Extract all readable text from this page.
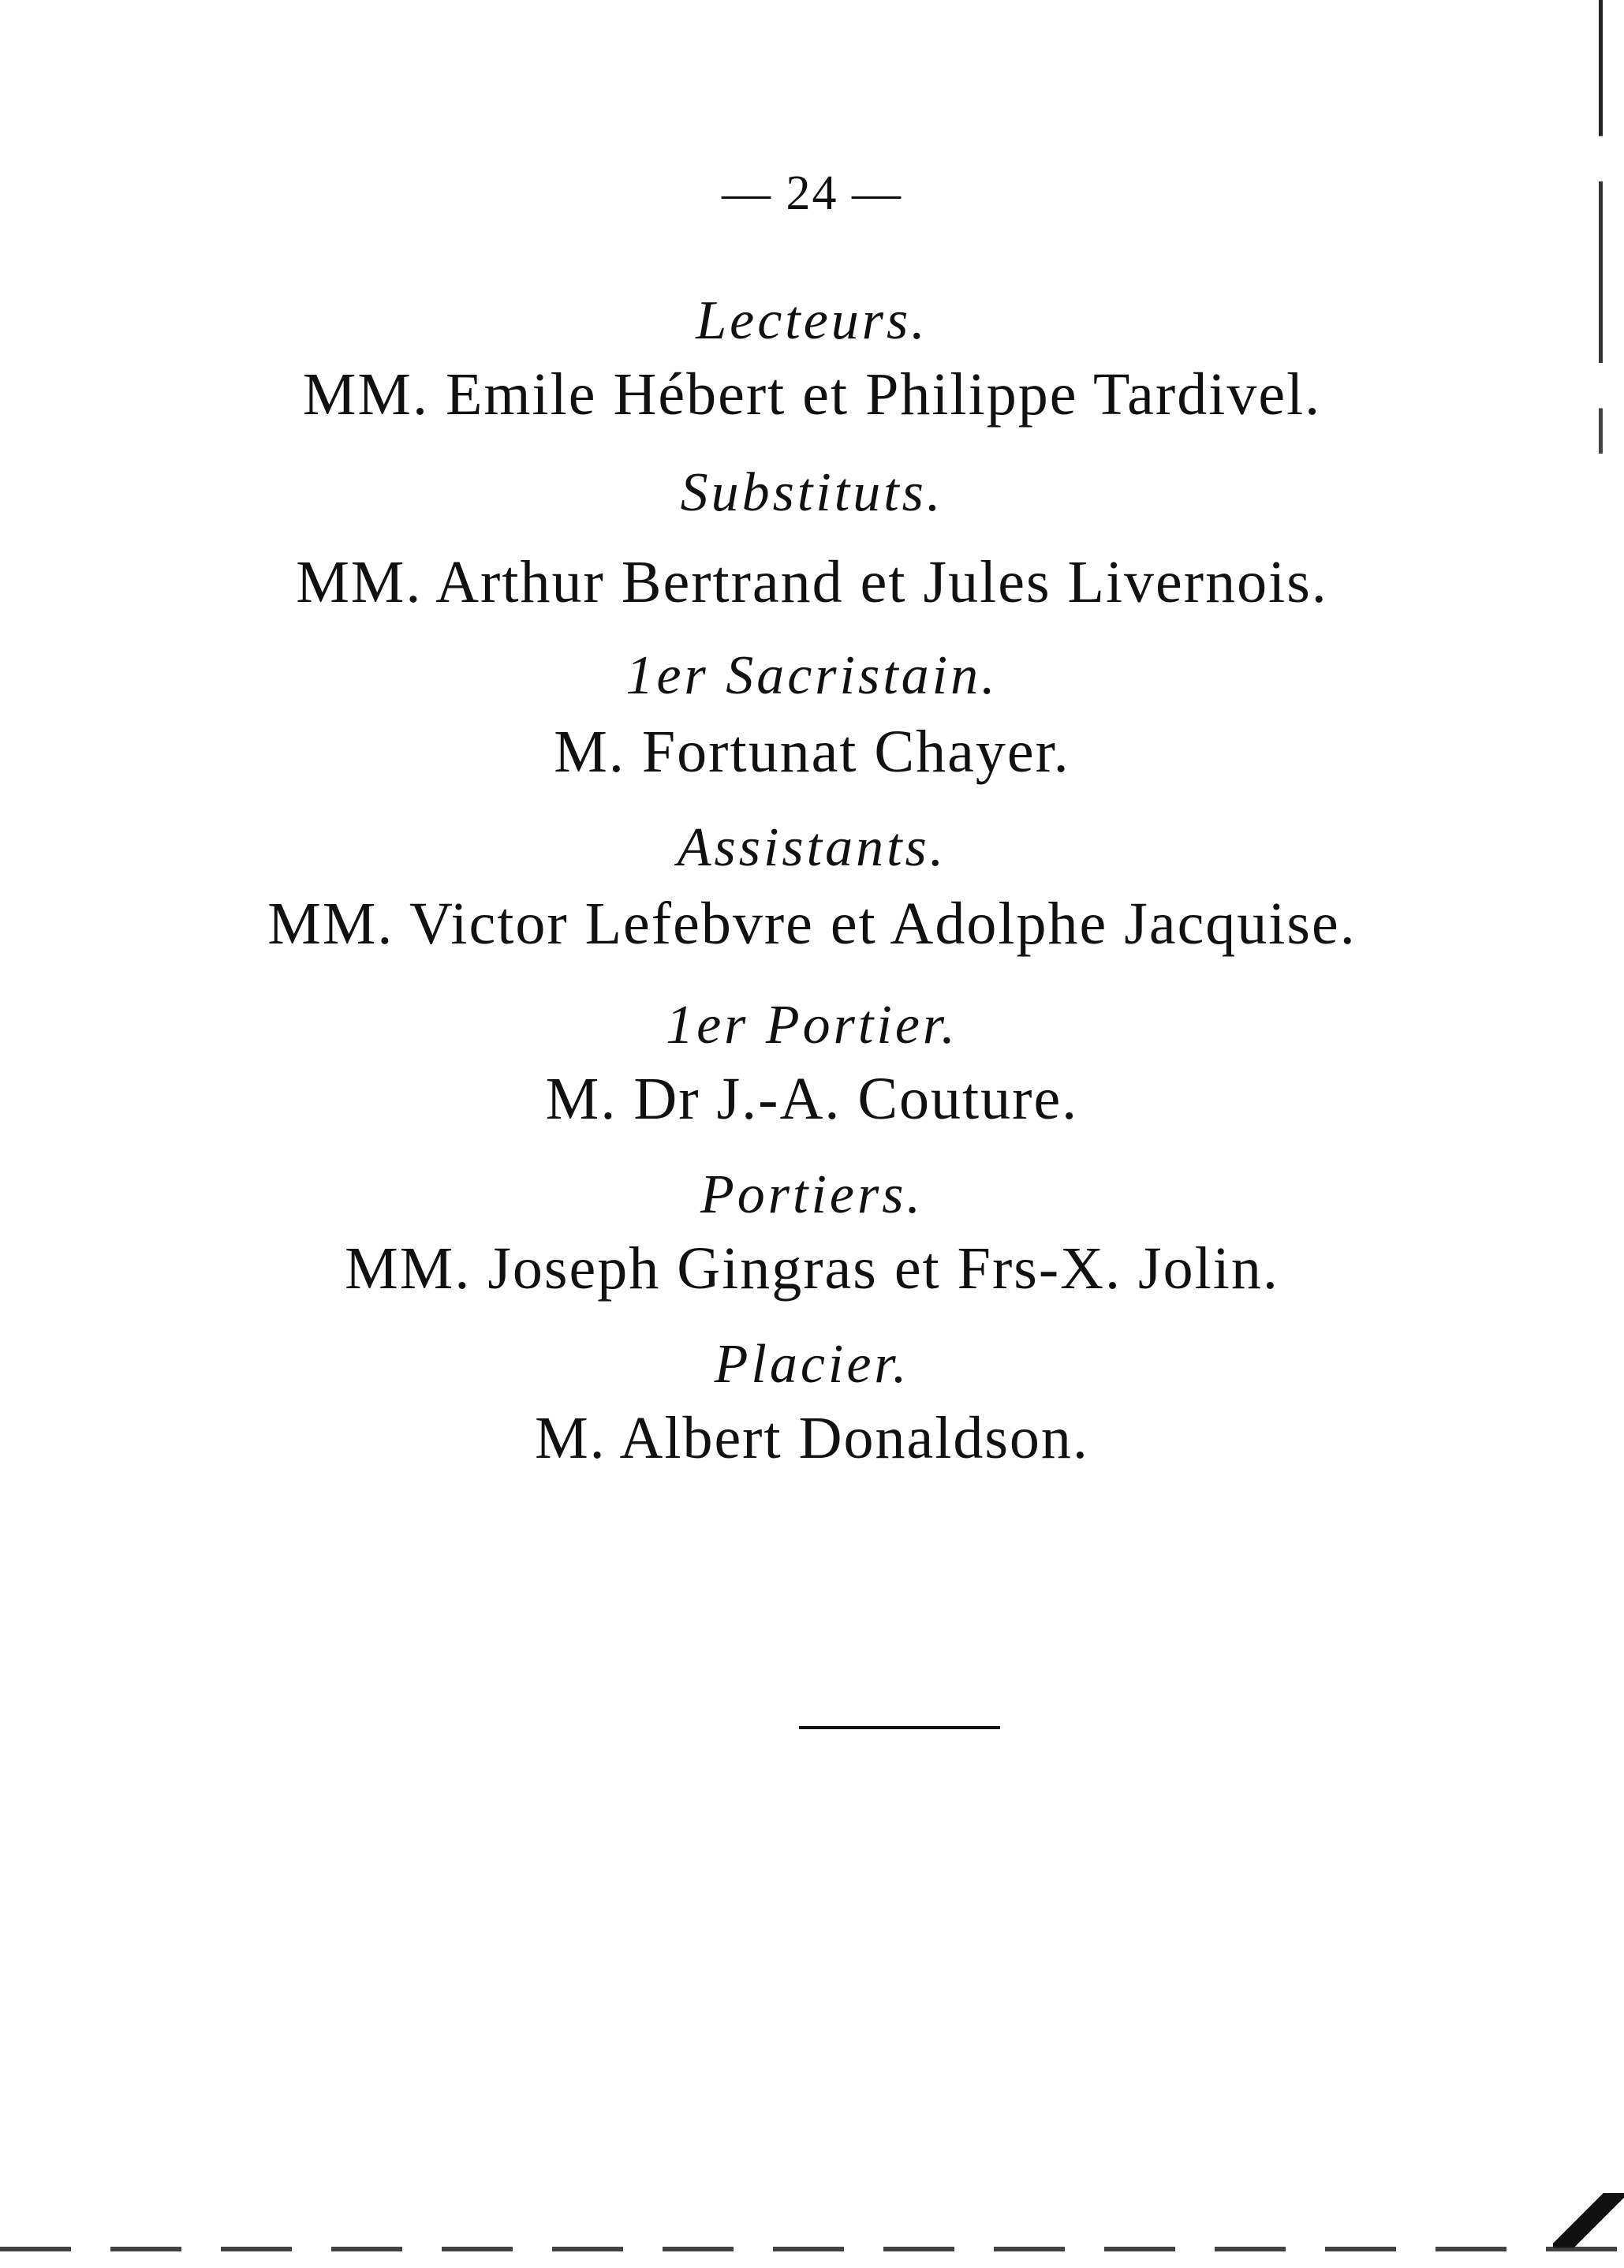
— 24 —
Lecteurs.
MM. Emile Hébert et Philippe Tardivel.
Substituts.
MM. Arthur Bertrand et Jules Livernois.
1er Sacristain.
M. Fortunat Chayer.
Assistants.
MM. Victor Lefebvre et Adolphe Jacquise.
1er Portier.
M. Dr J.-A. Couture.
Portiers.
MM. Joseph Gingras et Frs-X. Jolin.
Placier.
M. Albert Donaldson.
